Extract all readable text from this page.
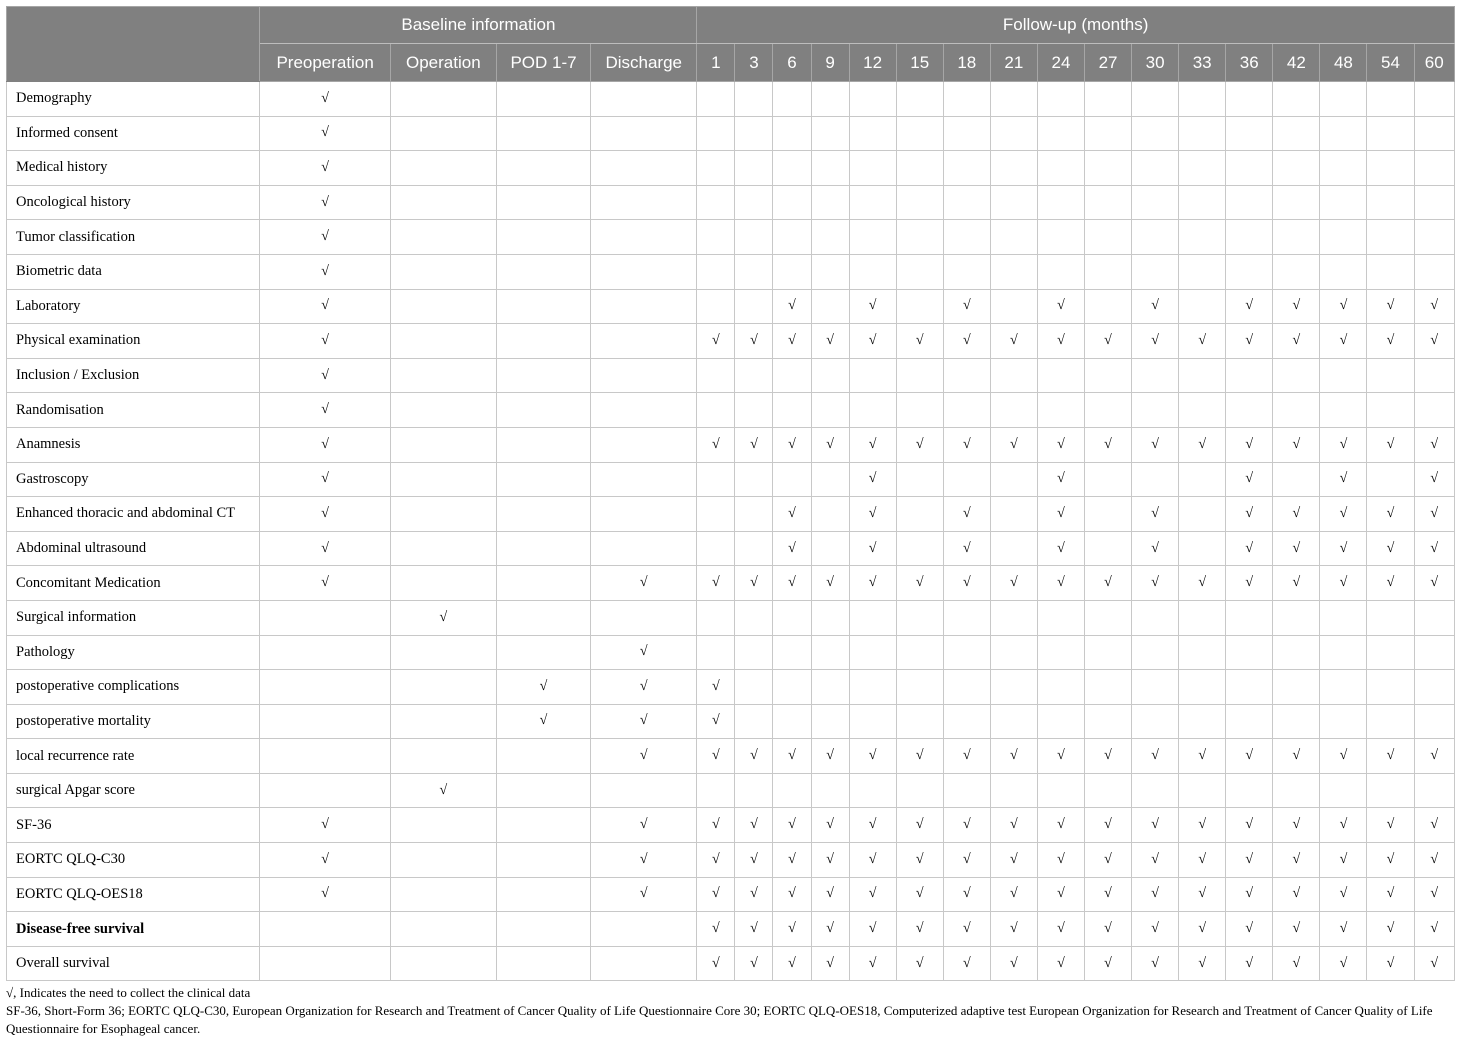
	Baseline information				Follow-up (months)																
	Preoperation	Operation	POD 1-7	Discharge	1	3	6	9	12	15	18	21	24	27	30	33	36	42	48	54	60
Demography	√																				
Informed consent	√																				
Medical history	√																				
Oncological history	√																				
Tumor classification	√																				
Biometric data	√																				
Laboratory	√						√		√		√		√		√		√	√	√	√	√
Physical examination	√				√	√	√	√	√	√	√	√	√	√	√	√	√	√	√	√	√
Inclusion / Exclusion	√																				
Randomisation	√																				
Anamnesis	√				√	√	√	√	√	√	√	√	√	√	√	√	√	√	√	√	√
Gastroscopy	√								√				√				√		√		√
Enhanced thoracic and abdominal CT	√						√		√		√		√		√		√	√	√	√	√
Abdominal ultrasound	√						√		√		√		√		√		√	√	√	√	√
Concomitant Medication	√			√	√	√	√	√	√	√	√	√	√	√	√	√	√	√	√	√	√
Surgical information		√																			
Pathology				√																	
postoperative complications			√	√	√																
postoperative mortality			√	√	√																
local recurrence rate				√	√	√	√	√	√	√	√	√	√	√	√	√	√	√	√	√	√
surgical Apgar score		√																			
SF-36	√			√	√	√	√	√	√	√	√	√	√	√	√	√	√	√	√	√	√
EORTC QLQ-C30	√			√	√	√	√	√	√	√	√	√	√	√	√	√	√	√	√	√	√
EORTC QLQ-OES18	√			√	√	√	√	√	√	√	√	√	√	√	√	√	√	√	√	√	√
Disease-free survival					√	√	√	√	√	√	√	√	√	√	√	√	√	√	√	√	√
Overall survival					√	√	√	√	√	√	√	√	√	√	√	√	√	√	√	√	√

√, Indicates the need to collect the clinical data

SF-36, Short-Form 36; EORTC QLQ-C30, European Organization for Research and Treatment of Cancer Quality of Life Questionnaire Core 30; EORTC QLQ-OES18, Computerized adaptive test European Organization for Research and Treatment of Cancer Quality of Life Questionnaire for Esophageal cancer.
